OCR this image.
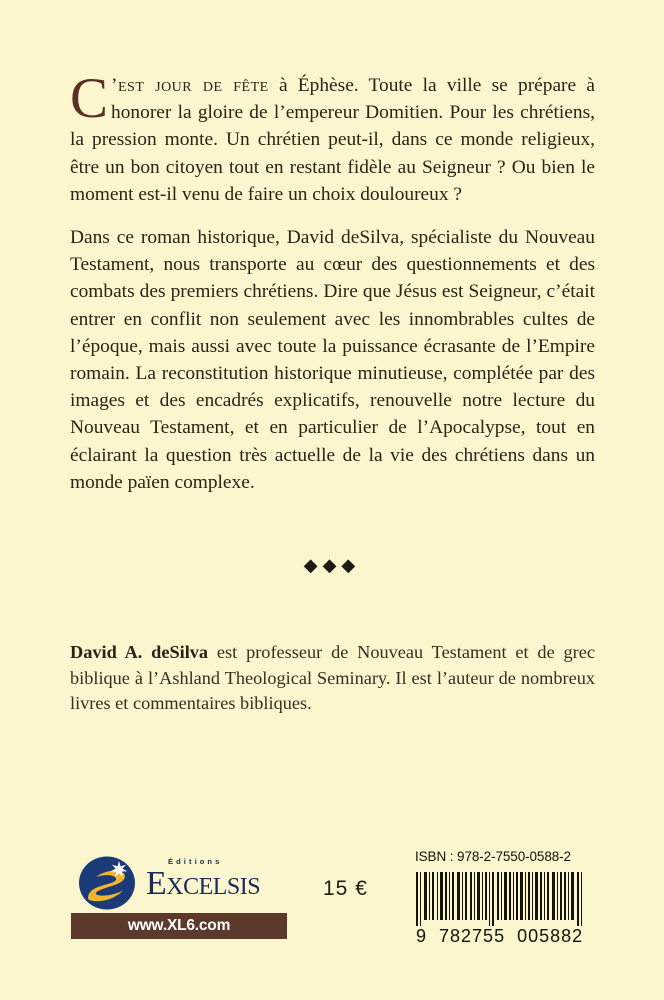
C ’est jour de fête à Éphèse. Toute la ville se prépare à honorer la gloire de l’empereur Domitien. Pour les chrétiens, la pression monte. Un chrétien peut-il, dans ce monde religieux, être un bon citoyen tout en restant fidèle au Seigneur ? Ou bien le moment est-il venu de faire un choix douloureux ?

Dans ce roman historique, David deSilva, spécialiste du Nouveau Testament, nous transporte au cœur des questionnements et des combats des premiers chrétiens. Dire que Jésus est Seigneur, c’était entrer en conflit non seulement avec les innombrables cultes de l’époque, mais aussi avec toute la puissance écrasante de l’Empire romain. La reconstitution historique minutieuse, complétée par des images et des encadrés explicatifs, renouvelle notre lecture du Nouveau Testament, et en particulier de l’Apocalypse, tout en éclairant la question très actuelle de la vie des chrétiens dans un monde païen complexe.

◆◆◆
David A. deSilva est professeur de Nouveau Testament et de grec biblique à l’Ashland Theological Seminary. Il est l’auteur de nombreux livres et commentaires bibliques.
Éditions
Excelsis
www.XL6.com
15 €
ISBN : 978-2-7550-0588-2
9  782755  005882
